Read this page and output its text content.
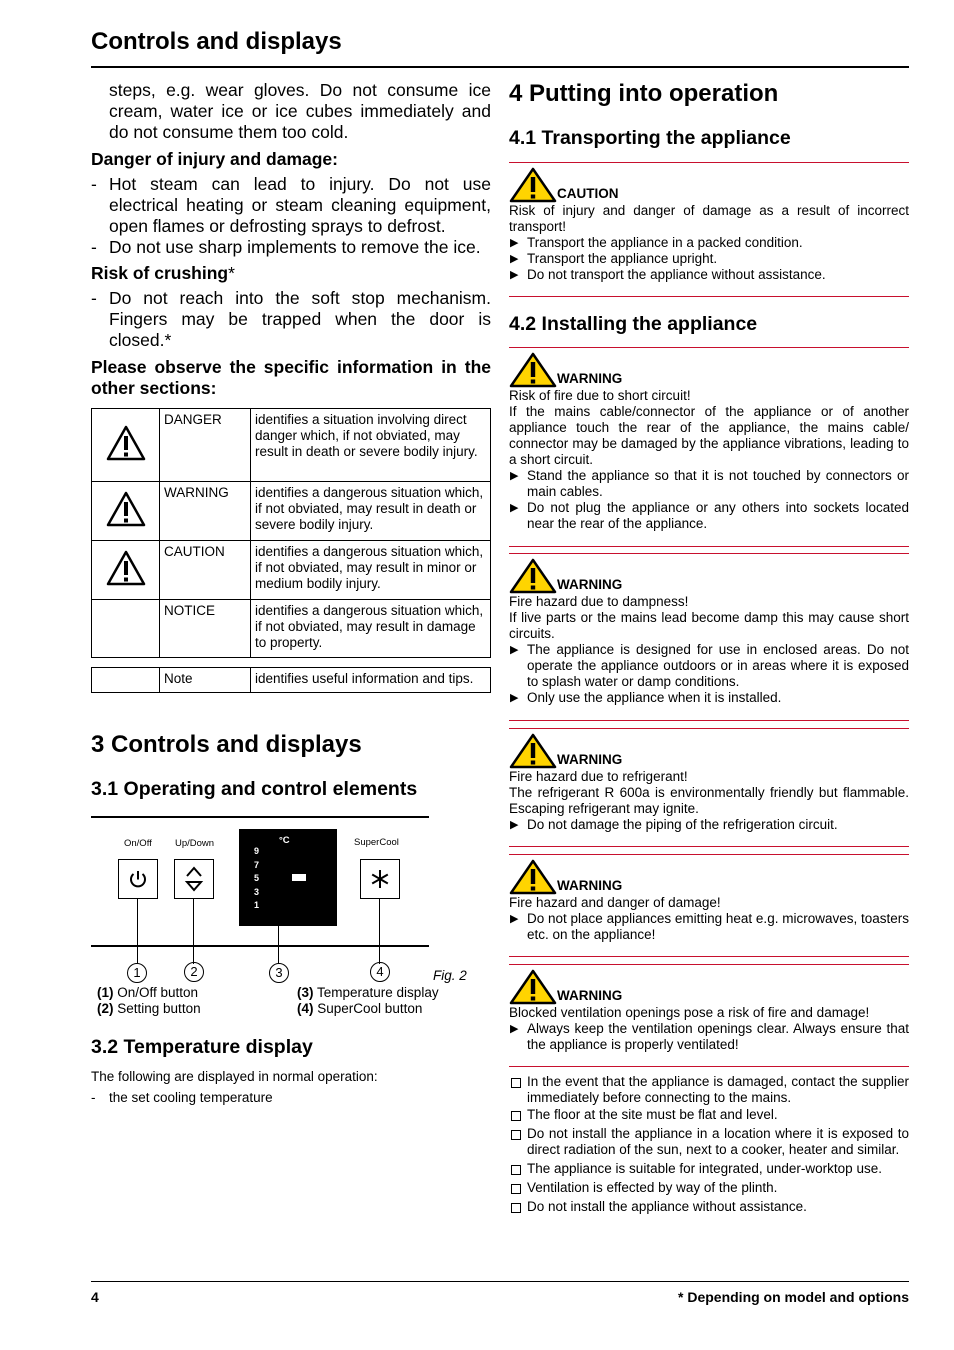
Controls and displays
4	* Depending on model and options
steps, e.g. wear gloves. Do not consume ice cream, water ice or ice cubes immediately and do not consume them too cold.
Danger of injury and damage:
- Hot steam can lead to injury. Do not use electrical heating or steam cleaning equipment, open flames or defrosting sprays to defrost.
- Do not use sharp implements to remove the ice.
Risk of crushing*
- Do not reach into the soft stop mechanism. Fingers may be trapped when the door is closed.*
Please observe the specific information in the other sections:
	DANGER	identifies a situation involving direct danger which, if not obviated, may result in death or severe bodily injury.
	WARNING	identifies a dangerous situation which, if not obviated, may result in death or severe bodily injury.
	CAUTION	identifies a dangerous situation which, if not obviated, may result in minor or medium bodily injury.
	NOTICE	identifies a dangerous situation which, if not obviated, may result in damage to property.
	Note	identifies useful information and tips.
3 Controls and displays
3.1 Operating and control elements
On/Off Up/Down	SuperCool
°C
9
7
5
3
1
1	2	3	4	Fig. 2
(1) On/Off button
(2) Setting button
(3) Temperature display
(4) SuperCool button
3.2 Temperature display
The following are displayed in normal operation:
- the set cooling temperature
4 Putting into operation
4.1 Transporting the appliance
CAUTION
Risk of injury and danger of damage as a result of incorrect transport!
▶ Transport the appliance in a packed condition.
▶ Transport the appliance upright.
▶ Do not transport the appliance without assistance.
4.2 Installing the appliance
WARNING
Risk of fire due to short circuit!
If the mains cable/connector of the appliance or of another appliance touch the rear of the appliance, the mains cable/ connector may be damaged by the appliance vibrations, leading to a short circuit.
▶ Stand the appliance so that it is not touched by connectors or main cables.
▶ Do not plug the appliance or any others into sockets located near the rear of the appliance.
WARNING
Fire hazard due to dampness!
If live parts or the mains lead become damp this may cause short circuits.
▶ The appliance is designed for use in enclosed areas. Do not operate the appliance outdoors or in areas where it is exposed to splash water or damp conditions.
▶ Only use the appliance when it is installed.
WARNING
Fire hazard due to refrigerant!
The refrigerant R 600a is environmentally friendly but flammable. Escaping refrigerant may ignite.
▶ Do not damage the piping of the refrigeration circuit.
WARNING
Fire hazard and danger of damage!
▶ Do not place appliances emitting heat e.g. microwaves, toasters etc. on the appliance!
WARNING
Blocked ventilation openings pose a risk of fire and damage!
▶ Always keep the ventilation openings clear. Always ensure that the appliance is properly ventilated!
In the event that the appliance is damaged, contact the supplier immediately before connecting to the mains.
The floor at the site must be flat and level.
Do not install the appliance in a location where it is exposed to direct radiation of the sun, next to a cooker, heater and similar.
The appliance is suitable for integrated, under-worktop use.
Ventilation is effected by way of the plinth.
Do not install the appliance without assistance.
